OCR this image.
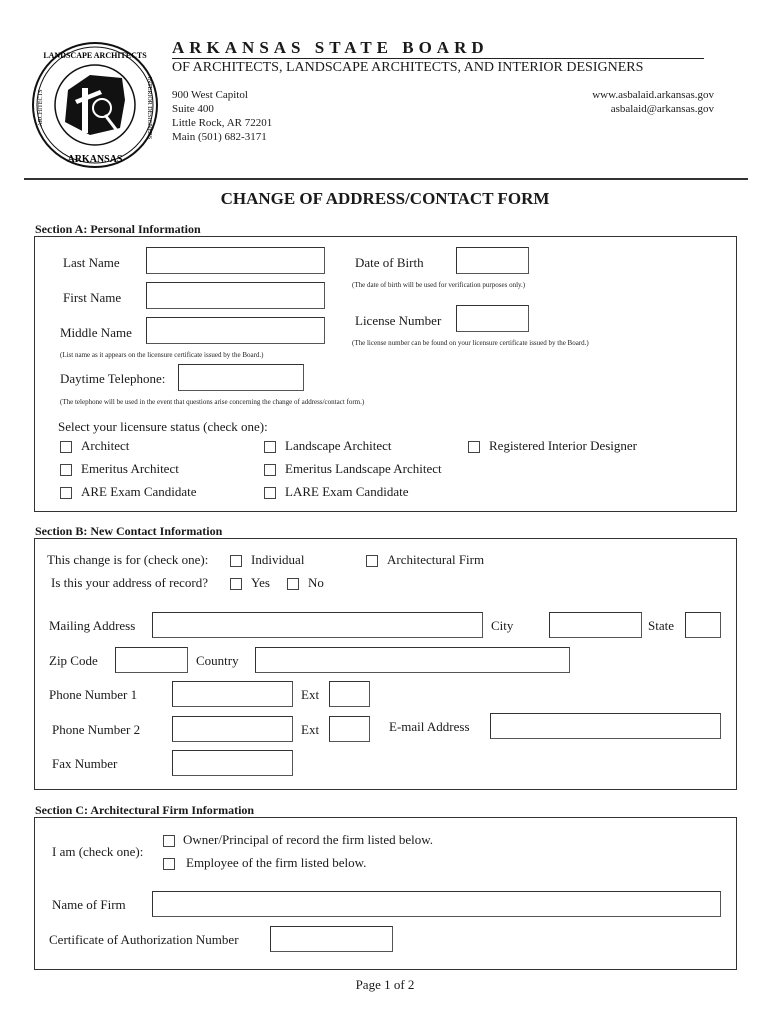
LANDSCAPE ARCHITECTS
INTERIOR DESIGNERS
ARCHITECTS
ARKANSAS
ARKANSAS STATE BOARD
OF ARCHITECTS, LANDSCAPE ARCHITECTS, AND INTERIOR DESIGNERS
900 West Capitol
Suite 400
Little Rock, AR 72201
Main (501) 682-3171
www.asbalaid.arkansas.gov
asbalaid@arkansas.gov
CHANGE OF ADDRESS/CONTACT FORM
Section A: Personal Information
Last Name
First Name
Middle Name
(List name as it appears on the licensure certificate issued by the Board.)
Date of Birth
(The date of birth will be used for verification purposes only.)
License Number
(The license number can be found on your licensure certificate issued by the Board.)
Daytime Telephone:
(The telephone will be used in the event that questions arise concerning the change of address/contact form.)
Select your licensure status (check one):
Architect	Landscape Architect	Registered Interior Designer
Emeritus Architect	Emeritus Landscape Architect
ARE Exam Candidate	LARE Exam Candidate
Section B: New Contact Information
This change is for (check one):	Individual	Architectural Firm
Is this your address of record?	Yes	No
Mailing Address	City	State
Zip Code	Country
Phone Number 1	Ext
Phone Number 2	Ext	E-mail Address
Fax Number
Section C: Architectural Firm Information
I am (check one):
Owner/Principal of record the firm listed below.
Employee of the firm listed below.
Name of Firm
Certificate of Authorization Number
Page 1 of 2
